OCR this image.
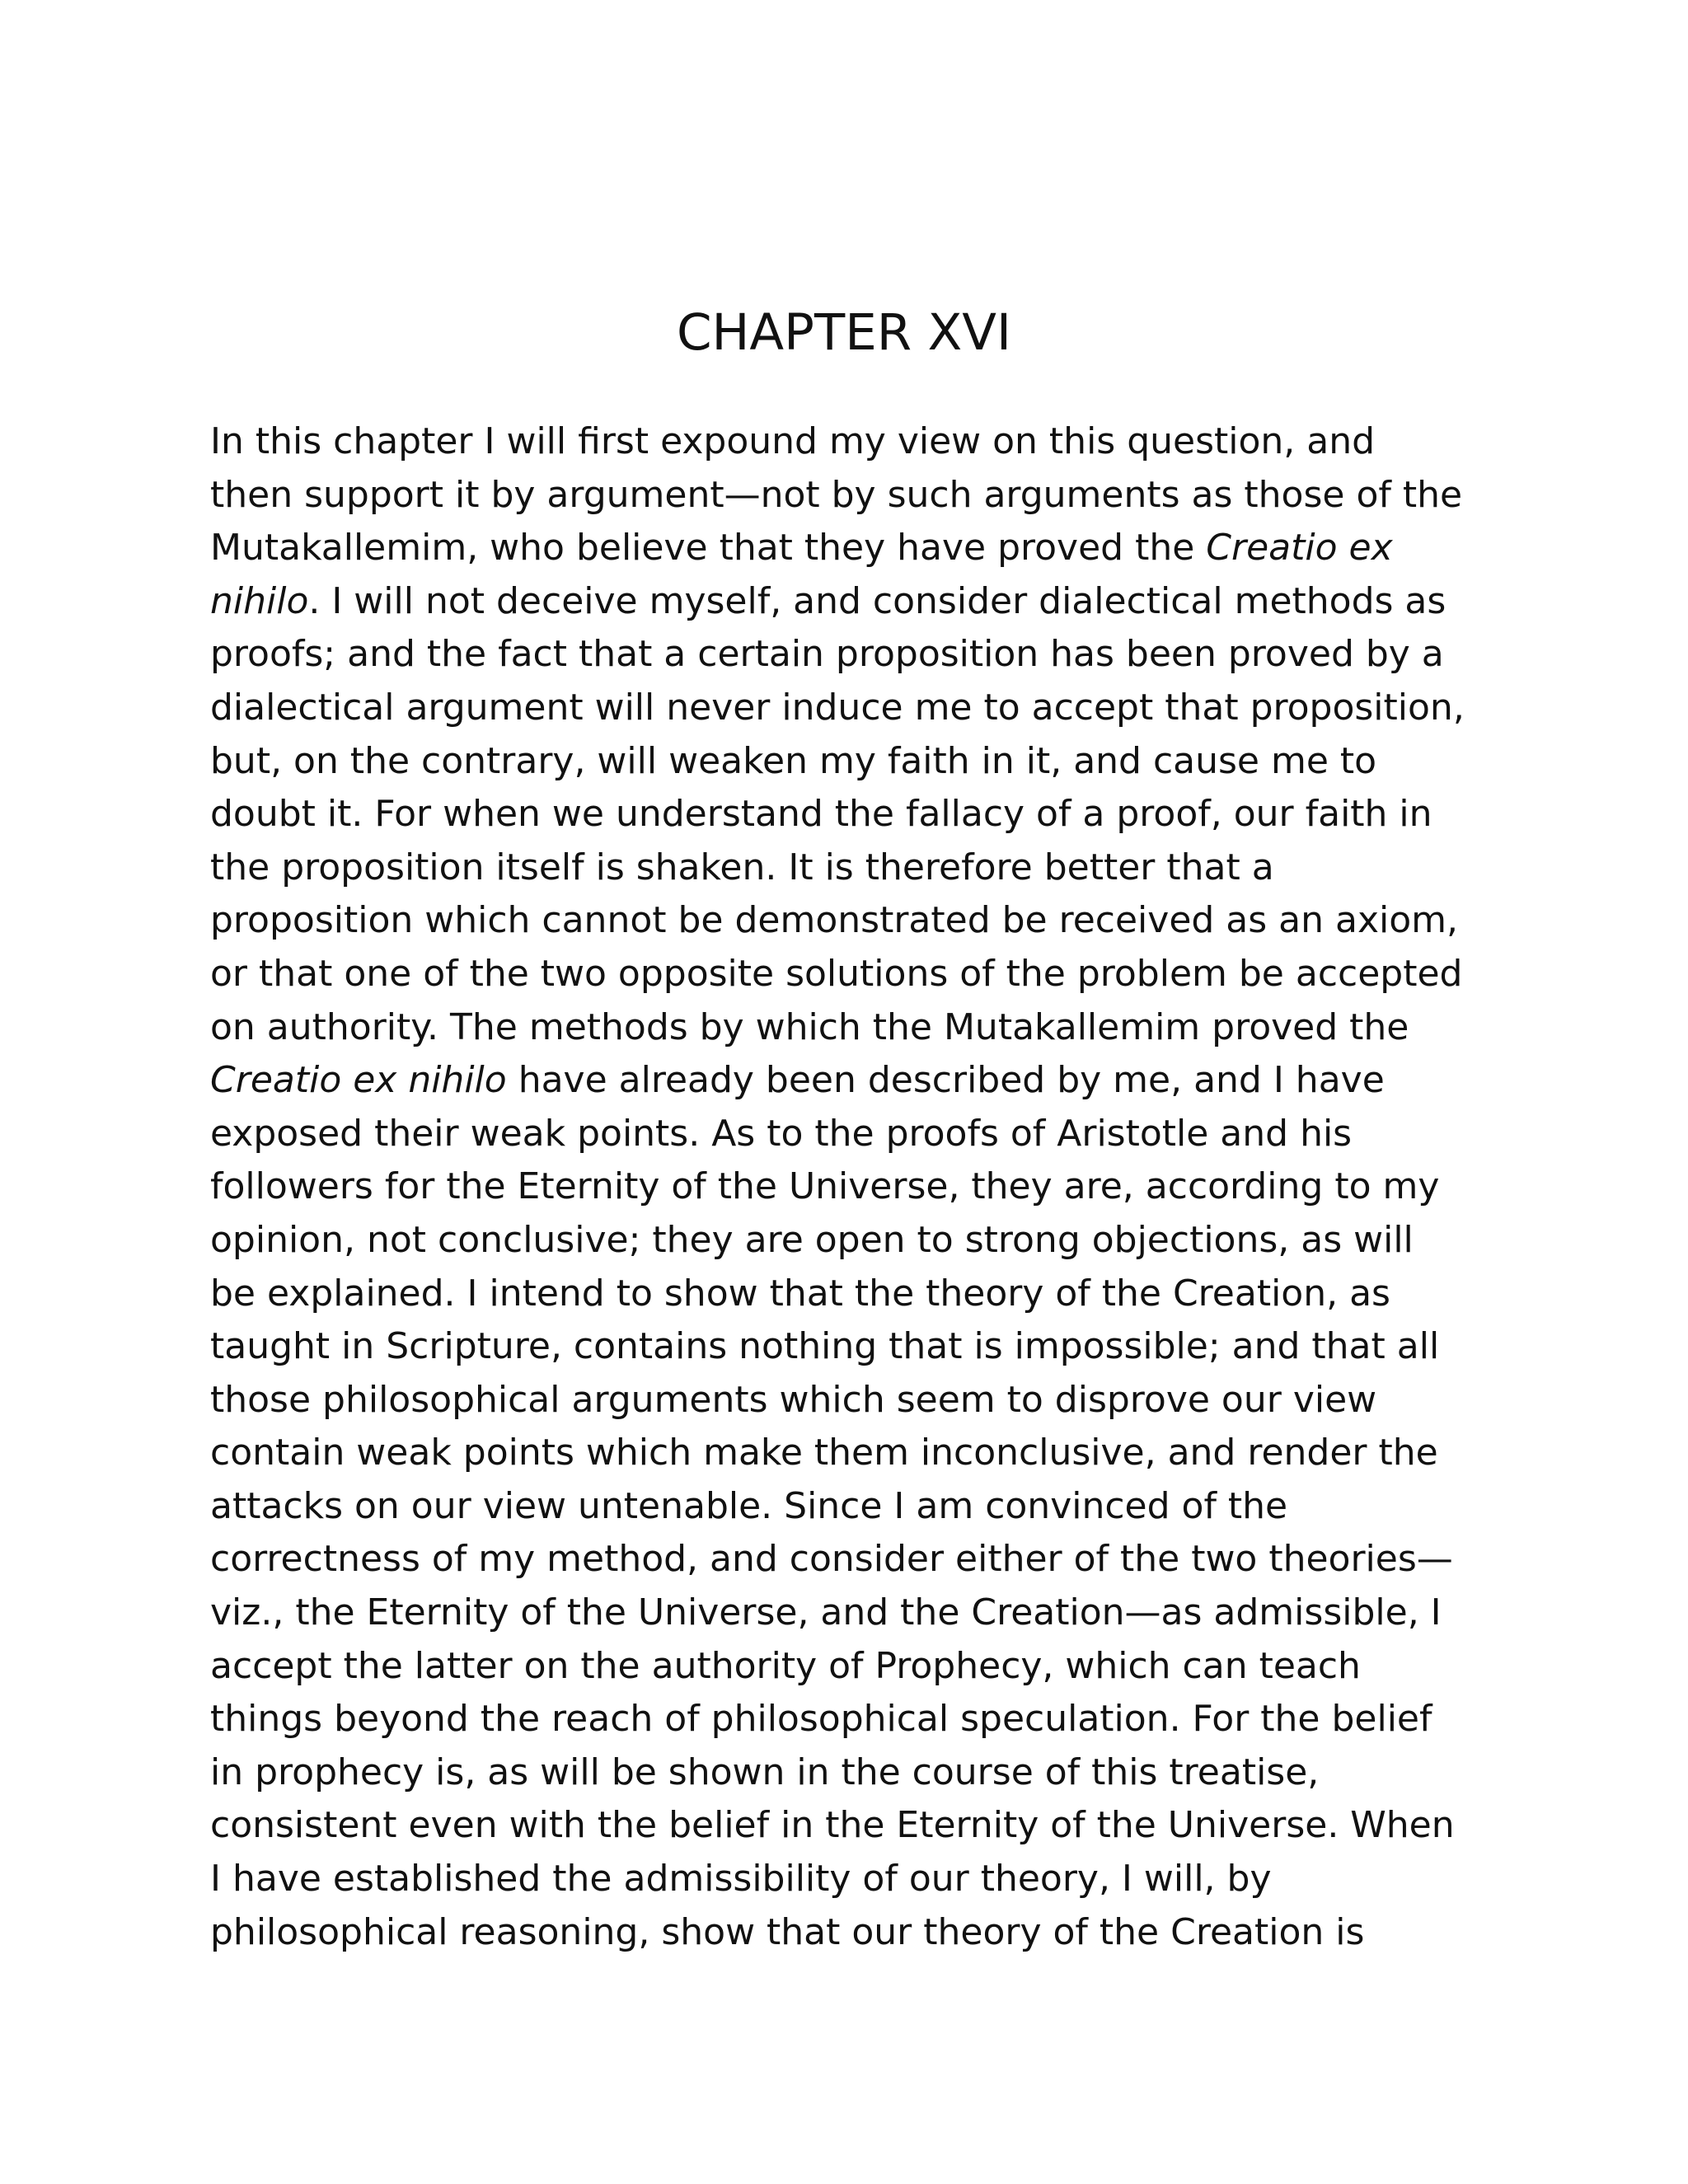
CHAPTER XVI
In this chapter I will first expound my view on this question, and
then support it by argument—not by such arguments as those of the
Mutakallemim, who believe that they have proved the Creatio ex
nihilo. I will not deceive myself, and consider dialectical methods as
proofs; and the fact that a certain proposition has been proved by a
dialectical argument will never induce me to accept that proposition,
but, on the contrary, will weaken my faith in it, and cause me to
doubt it. For when we understand the fallacy of a proof, our faith in
the proposition itself is shaken. It is therefore better that a
proposition which cannot be demonstrated be received as an axiom,
or that one of the two opposite solutions of the problem be accepted
on authority. The methods by which the Mutakallemim proved the
Creatio ex nihilo have already been described by me, and I have
exposed their weak points. As to the proofs of Aristotle and his
followers for the Eternity of the Universe, they are, according to my
opinion, not conclusive; they are open to strong objections, as will
be explained. I intend to show that the theory of the Creation, as
taught in Scripture, contains nothing that is impossible; and that all
those philosophical arguments which seem to disprove our view
contain weak points which make them inconclusive, and render the
attacks on our view untenable. Since I am convinced of the
correctness of my method, and consider either of the two theories—
viz., the Eternity of the Universe, and the Creation—as admissible, I
accept the latter on the authority of Prophecy, which can teach
things beyond the reach of philosophical speculation. For the belief
in prophecy is, as will be shown in the course of this treatise,
consistent even with the belief in the Eternity of the Universe. When
I have established the admissibility of our theory, I will, by
philosophical reasoning, show that our theory of the Creation is
